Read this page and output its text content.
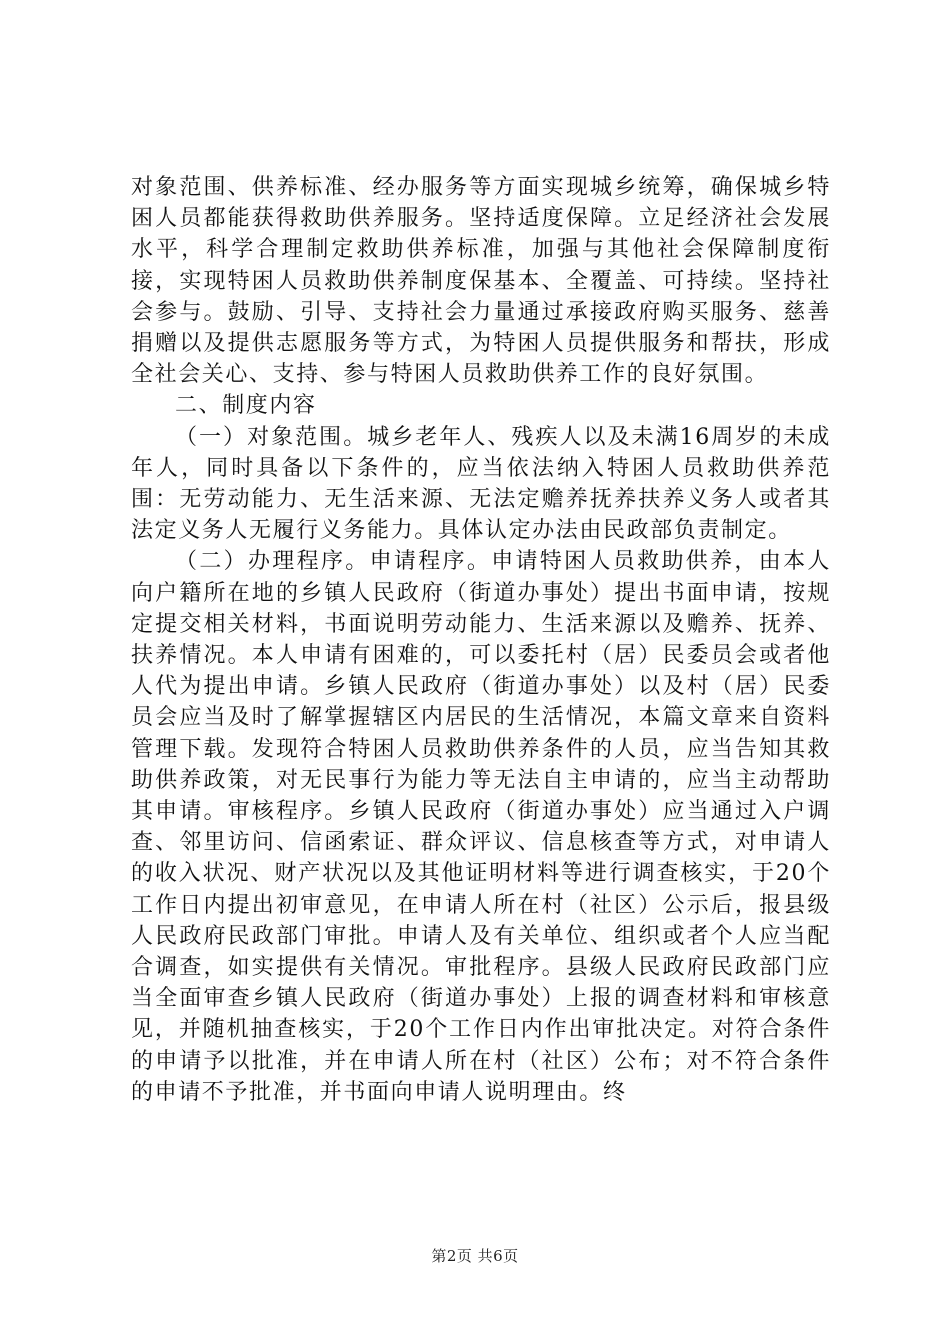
对象范围、供养标准、经办服务等方面实现城乡统筹，确保城乡特困人员都能获得救助供养服务。坚持适度保障。立足经济社会发展水平，科学合理制定救助供养标准，加强与其他社会保障制度衔接，实现特困人员救助供养制度保基本、全覆盖、可持续。坚持社会参与。鼓励、引导、支持社会力量通过承接政府购买服务、慈善捐赠以及提供志愿服务等方式，为特困人员提供服务和帮扶，形成全社会关心、支持、参与特困人员救助供养工作的良好氛围。

二、制度内容

（一）对象范围。城乡老年人、残疾人以及未满16周岁的未成年人，同时具备以下条件的，应当依法纳入特困人员救助供养范围：无劳动能力、无生活来源、无法定赡养抚养扶养义务人或者其法定义务人无履行义务能力。具体认定办法由民政部负责制定。

（二）办理程序。申请程序。申请特困人员救助供养，由本人向户籍所在地的乡镇人民政府（街道办事处）提出书面申请，按规定提交相关材料，书面说明劳动能力、生活来源以及赡养、抚养、扶养情况。本人申请有困难的，可以委托村（居）民委员会或者他人代为提出申请。乡镇人民政府（街道办事处）以及村（居）民委员会应当及时了解掌握辖区内居民的生活情况，本篇文章来自资料管理下载。发现符合特困人员救助供养条件的人员，应当告知其救助供养政策，对无民事行为能力等无法自主申请的，应当主动帮助其申请。审核程序。乡镇人民政府（街道办事处）应当通过入户调查、邻里访问、信函索证、群众评议、信息核查等方式，对申请人的收入状况、财产状况以及其他证明材料等进行调查核实，于20个工作日内提出初审意见，在申请人所在村（社区）公示后，报县级人民政府民政部门审批。申请人及有关单位、组织或者个人应当配合调查，如实提供有关情况。审批程序。县级人民政府民政部门应当全面审查乡镇人民政府（街道办事处）上报的调查材料和审核意见，并随机抽查核实，于20个工作日内作出审批决定。对符合条件的申请予以批准，并在申请人所在村（社区）公布；对不符合条件的申请不予批准，并书面向申请人说明理由。终

第2页 共6页
